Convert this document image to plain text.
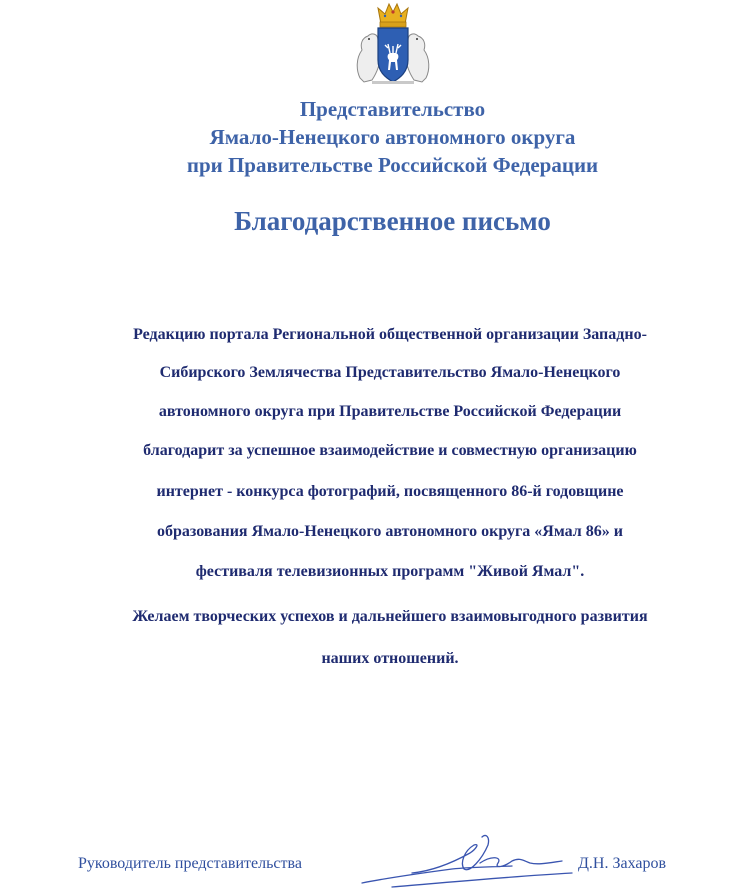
Представительство
Ямало-Ненецкого автономного округа
при Правительстве Российской Федерации
Благодарственное письмо

Редакцию портала Региональной общественной организации Западно-

Сибирского Землячества Представительство Ямало-Ненецкого

автономного округа при Правительстве Российской Федерации

благодарит за успешное взаимодействие и совместную организацию

интернет - конкурса фотографий, посвященного 86-й годовщине

образования Ямало-Ненецкого автономного округа «Ямал 86» и

фестиваля телевизионных программ "Живой Ямал".

Желаем творческих успехов и дальнейшего взаимовыгодного развития

наших отношений.

Руководитель представительства	Д.Н. Захаров
